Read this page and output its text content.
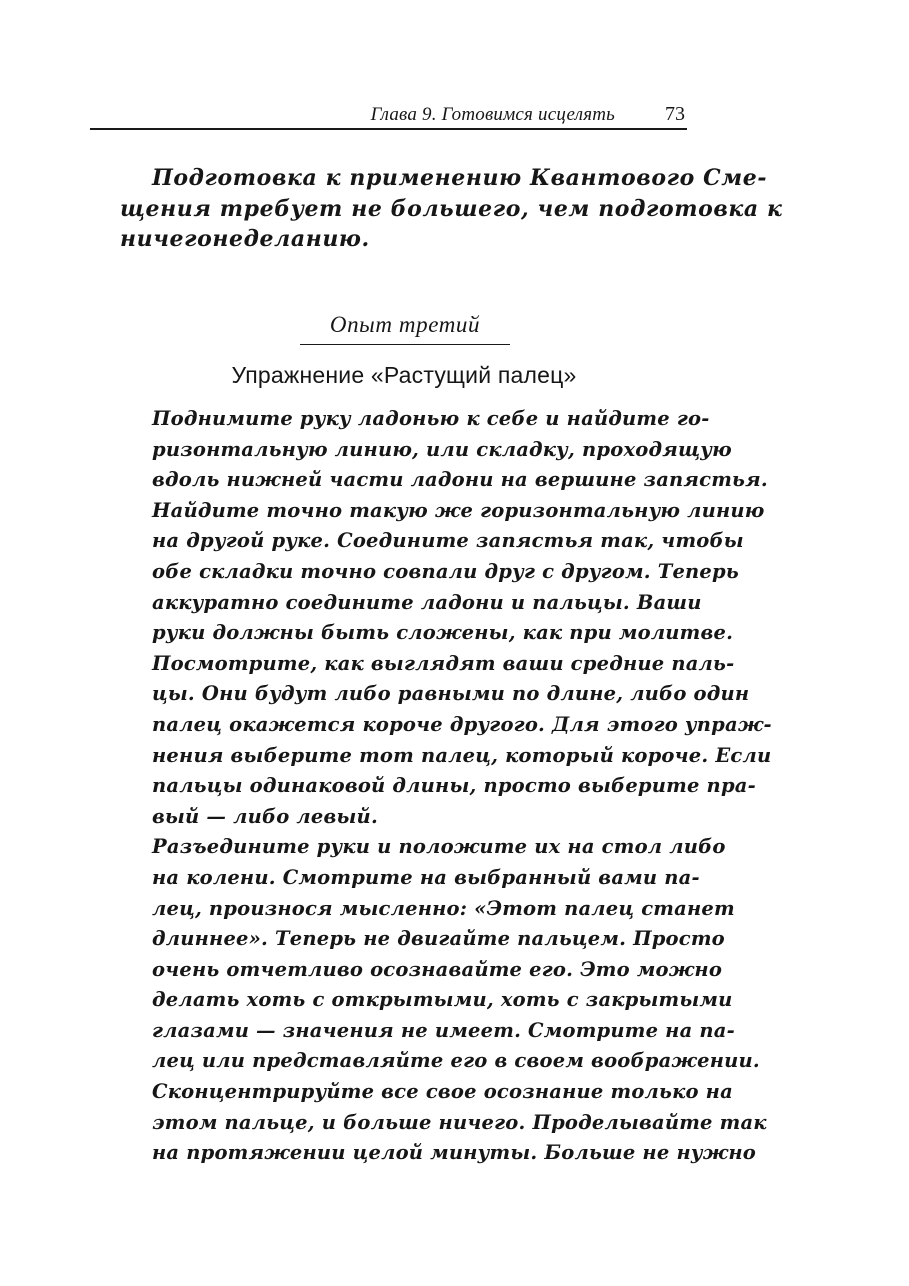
Глава 9. Готовимся исцелять	73
Подготовка к применению Квантового Сме-
щения требует не большего, чем подготовка к
ничегонеделанию.
Опыт третий
Упражнение «Растущий палец»

Поднимите руку ладонью к себе и найдите го-
ризонтальную линию, или складку, проходящую
вдоль нижней части ладони на вершине запястья.
Найдите точно такую же горизонтальную линию
на другой руке. Соедините запястья так, чтобы
обе складки точно совпали друг с другом. Теперь
аккуратно соедините ладони и пальцы. Ваши
руки должны быть сложены, как при молитве.

Посмотрите, как выглядят ваши средние паль-
цы. Они будут либо равными по длине, либо один
палец окажется короче другого. Для этого упраж-
нения выберите тот палец, который короче. Если
пальцы одинаковой длины, просто выберите пра-
вый — либо левый.

Разъедините руки и положите их на стол либо
на колени. Смотрите на выбранный вами па-
лец, произнося мысленно: «Этот палец станет
длиннее». Теперь не двигайте пальцем. Просто
очень отчетливо осознавайте его. Это можно
делать хоть с открытыми, хоть с закрытыми
глазами — значения не имеет. Смотрите на па-
лец или представляйте его в своем воображении.
Сконцентрируйте все свое осознание только на
этом пальце, и больше ничего. Проделывайте так
на протяжении целой минуты. Больше не нужно
